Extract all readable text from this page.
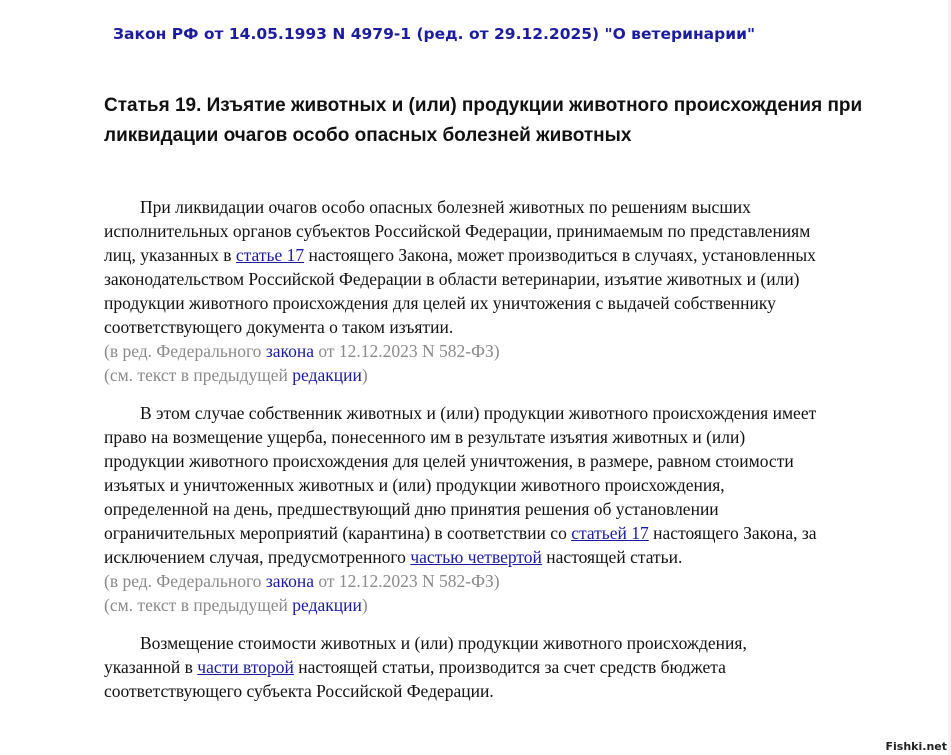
Закон РФ от 14.05.1993 N 4979-1 (ред. от 29.12.2025) "О ветеринарии"
Статья 19. Изъятие животных и (или) продукции животного происхождения при
ликвидации очагов особо опасных болезней животных
При ликвидации очагов особо опасных болезней животных по решениям высших
исполнительных органов субъектов Российской Федерации, принимаемым по представлениям
лиц, указанных в статье 17 настоящего Закона, может производиться в случаях, установленных
законодательством Российской Федерации в области ветеринарии, изъятие животных и (или)
продукции животного происхождения для целей их уничтожения с выдачей собственнику
соответствующего документа о таком изъятии.
(в ред. Федерального закона от 12.12.2023 N 582-ФЗ)
(см. текст в предыдущей редакции)
В этом случае собственник животных и (или) продукции животного происхождения имеет
право на возмещение ущерба, понесенного им в результате изъятия животных и (или)
продукции животного происхождения для целей уничтожения, в размере, равном стоимости
изъятых и уничтоженных животных и (или) продукции животного происхождения,
определенной на день, предшествующий дню принятия решения об установлении
ограничительных мероприятий (карантина) в соответствии со статьей 17 настоящего Закона, за
исключением случая, предусмотренного частью четвертой настоящей статьи.
(в ред. Федерального закона от 12.12.2023 N 582-ФЗ)
(см. текст в предыдущей редакции)
Возмещение стоимости животных и (или) продукции животного происхождения,
указанной в части второй настоящей статьи, производится за счет средств бюджета
соответствующего субъекта Российской Федерации.
Fishki.net
